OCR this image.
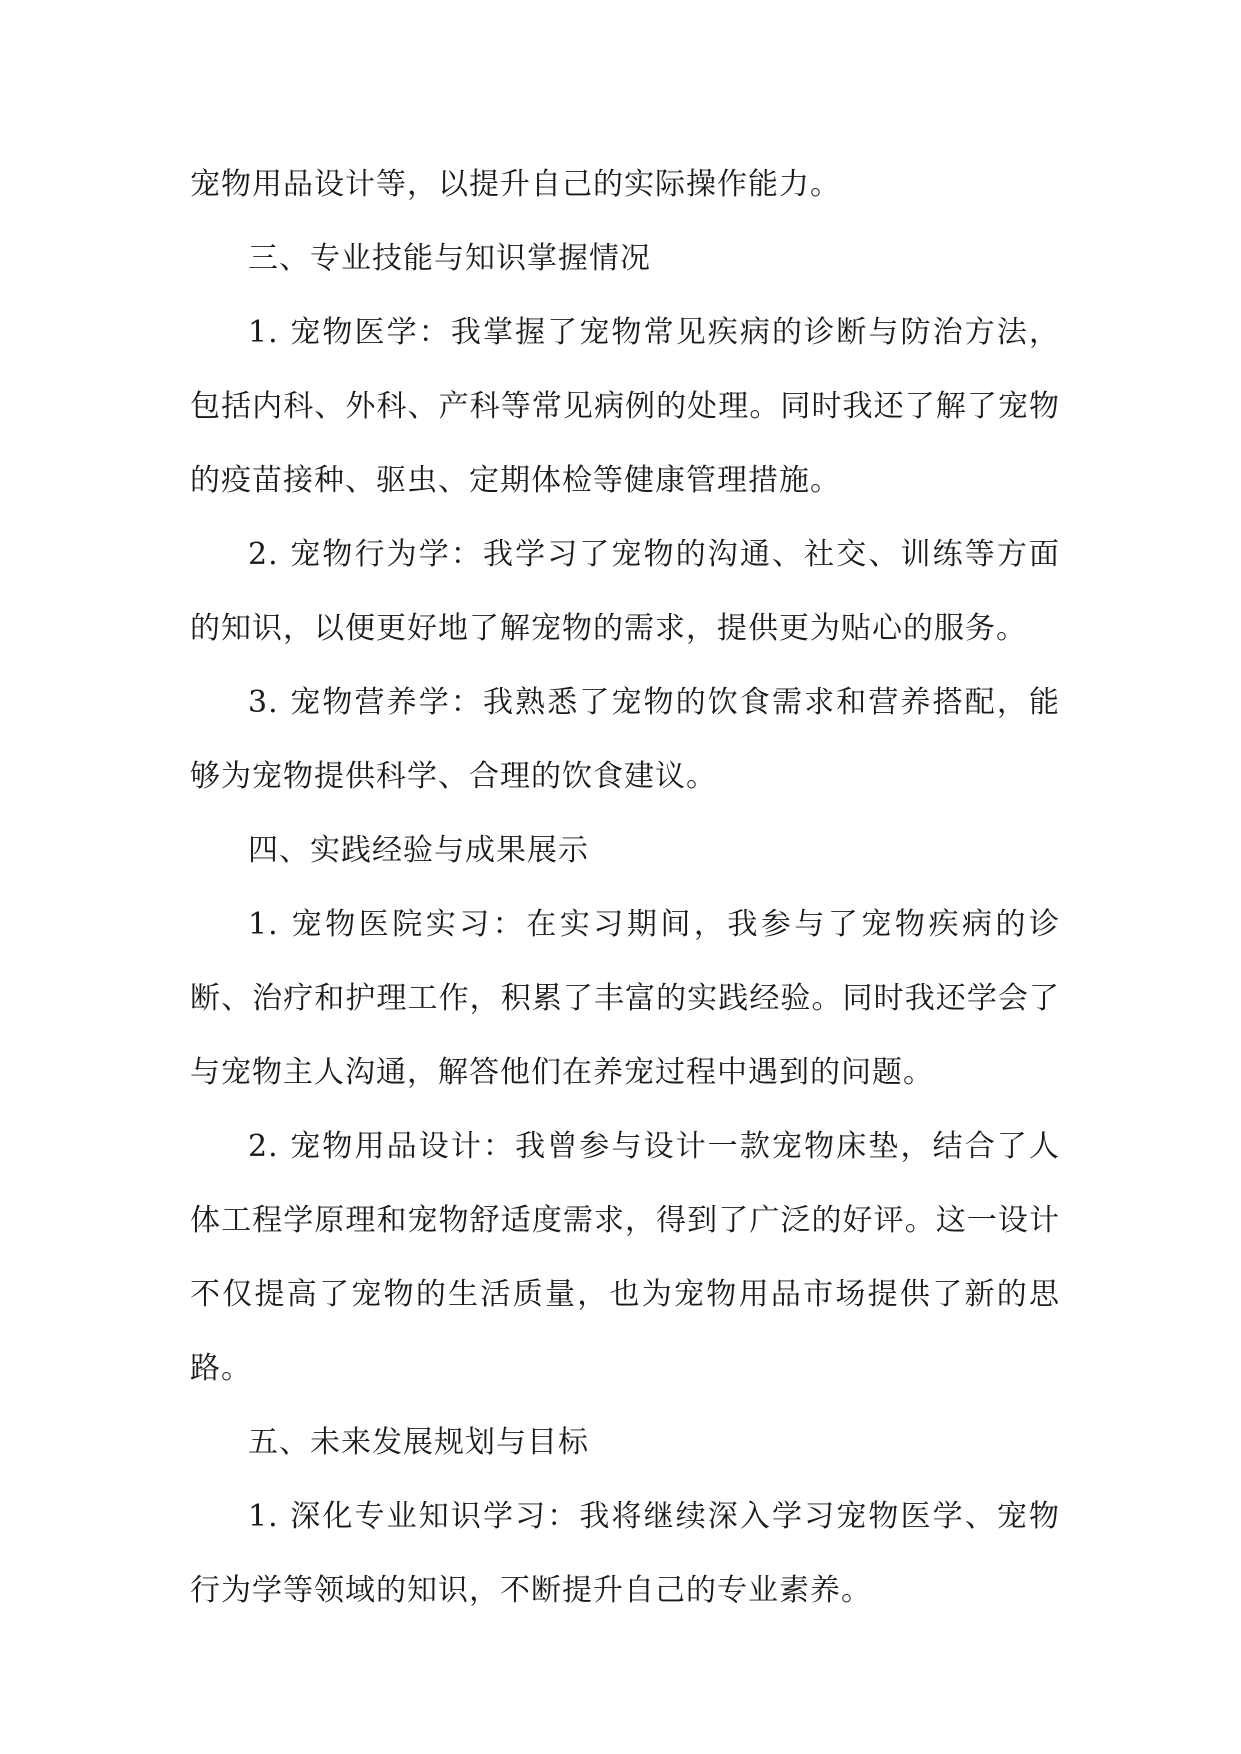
宠物用品设计等，以提升自己的实际操作能力。

三、专业技能与知识掌握情况

1. 宠物医学：我掌握了宠物常见疾病的诊断与防治方法，包括内科、外科、产科等常见病例的处理。同时我还了解了宠物的疫苗接种、驱虫、定期体检等健康管理措施。

2. 宠物行为学：我学习了宠物的沟通、社交、训练等方面的知识，以便更好地了解宠物的需求，提供更为贴心的服务。

3. 宠物营养学：我熟悉了宠物的饮食需求和营养搭配，能够为宠物提供科学、合理的饮食建议。

四、实践经验与成果展示

1. 宠物医院实习：在实习期间，我参与了宠物疾病的诊断、治疗和护理工作，积累了丰富的实践经验。同时我还学会了与宠物主人沟通，解答他们在养宠过程中遇到的问题。

2. 宠物用品设计：我曾参与设计一款宠物床垫，结合了人体工程学原理和宠物舒适度需求，得到了广泛的好评。这一设计不仅提高了宠物的生活质量，也为宠物用品市场提供了新的思路。

五、未来发展规划与目标

1. 深化专业知识学习：我将继续深入学习宠物医学、宠物行为学等领域的知识，不断提升自己的专业素养。
